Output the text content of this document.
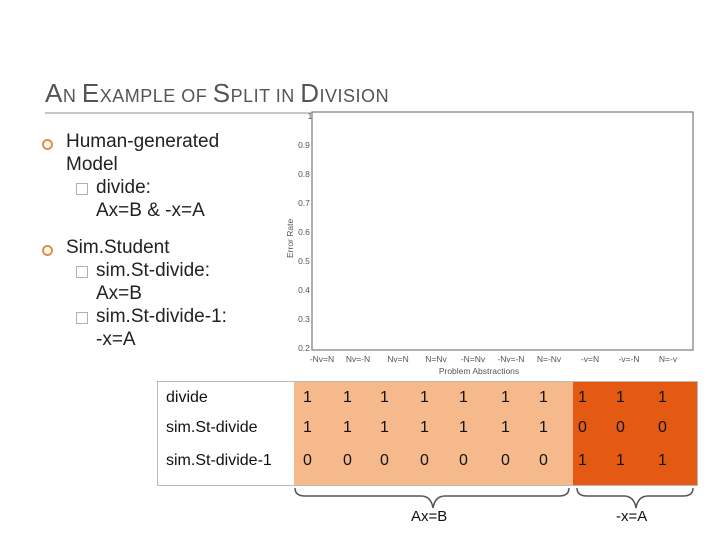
AN EXAMPLE OF SPLIT IN DIVISION
Human-generated
Model
divide:
Ax=B & -x=A
Sim.Student
sim.St-divide:
Ax=B
sim.St-divide-1:
-x=A
Error Rate
1
0.9
0.8
0.7
0.6
0.5
0.4
0.3
0.2
-Nv=N Nv=-N Nv=N N=Nv -N=Nv -Nv=-N N=-Nv -v=N -v=-N N=-v
Problem Abstractions
divide	1 1 1 1 1 1 1 1 1 1
sim.St-divide	1 1 1 1 1 1 1 0 0 0
sim.St-divide-1 0 0 0 0 0 0 0 1 1 1
Ax=B	-x=A
